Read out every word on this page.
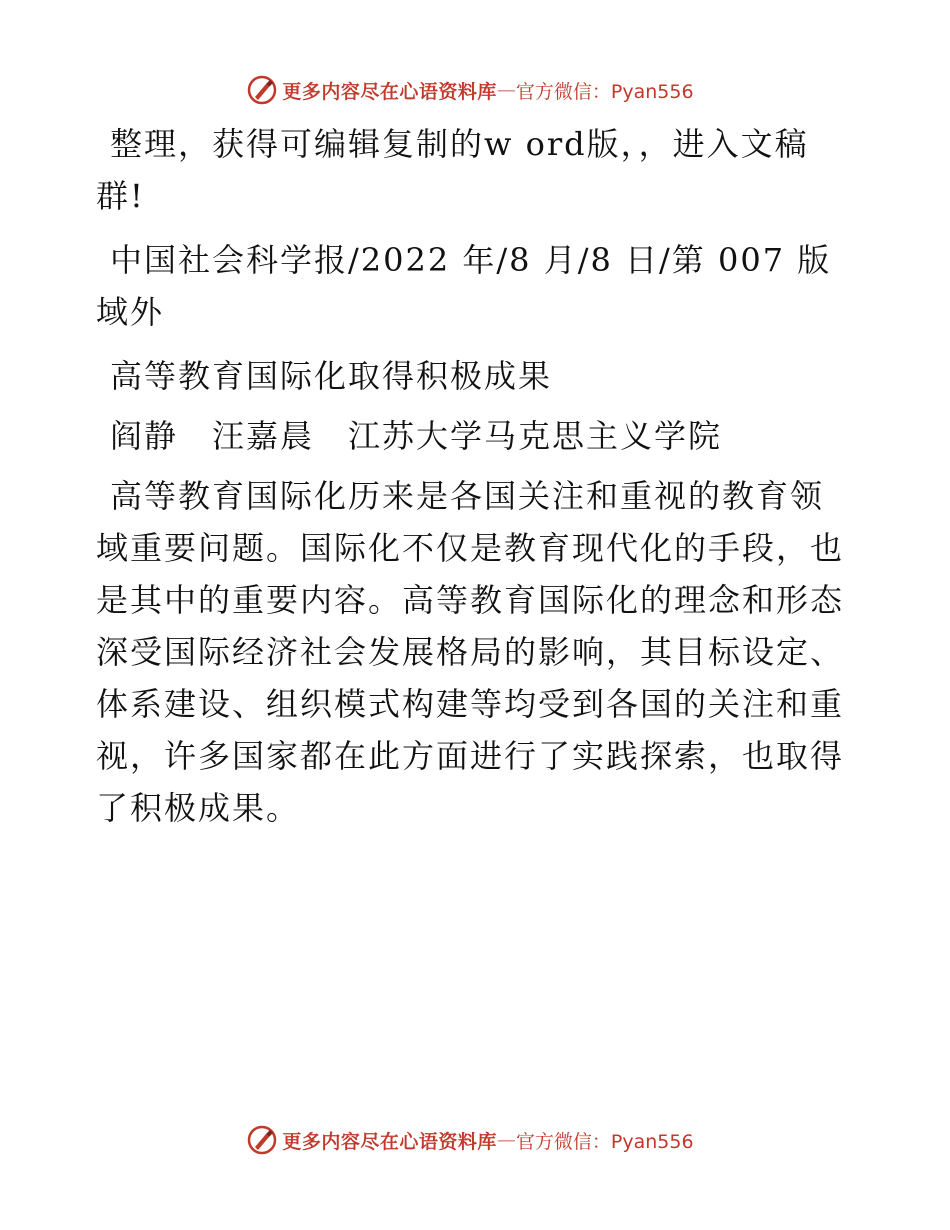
更多内容尽在心语资料库 — 官方微信：Pyan556

整理，获得可编辑复制的w ord版，，进入文稿群!

中国社会科学报/2022 年/8 月/8 日/第 007 版域外

高等教育国际化取得积极成果

阎静　汪嘉晨　江苏大学马克思主义学院

高等教育国际化历来是各国关注和重视的教育领域重要问题。国际化不仅是教育现代化的手段，也是其中的重要内容。高等教育国际化的理念和形态深受国际经济社会发展格局的影响，其目标设定、体系建设、组织模式构建等均受到各国的关注和重视，许多国家都在此方面进行了实践探索，也取得了积极成果。

更多内容尽在心语资料库 — 官方微信：Pyan556
